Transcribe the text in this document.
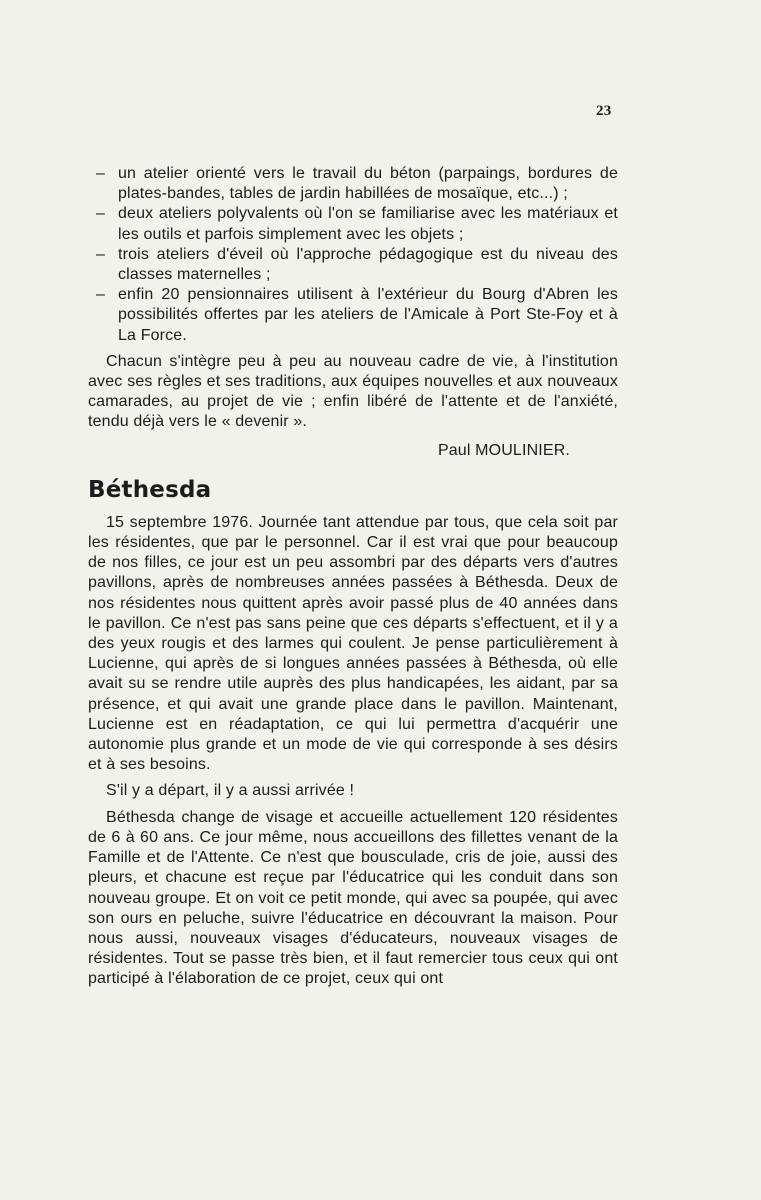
23
– un atelier orienté vers le travail du béton (parpaings, bordures de plates-bandes, tables de jardin habillées de mosaïque, etc...) ;
– deux ateliers polyvalents où l'on se familiarise avec les matériaux et les outils et parfois simplement avec les objets ;
– trois ateliers d'éveil où l'approche pédagogique est du niveau des classes maternelles ;
– enfin 20 pensionnaires utilisent à l'extérieur du Bourg d'Abren les possibilités offertes par les ateliers de l'Amicale à Port Ste-Foy et à La Force.

Chacun s'intègre peu à peu au nouveau cadre de vie, à l'institution avec ses règles et ses traditions, aux équipes nouvelles et aux nouveaux camarades, au projet de vie ; enfin libéré de l'attente et de l'anxiété, tendu déjà vers le « devenir ».

Paul MOULINIER.

Béthesda

15 septembre 1976. Journée tant attendue par tous, que cela soit par les résidentes, que par le personnel. Car il est vrai que pour beaucoup de nos filles, ce jour est un peu assombri par des départs vers d'autres pavillons, après de nombreuses années passées à Béthesda. Deux de nos résidentes nous quittent après avoir passé plus de 40 années dans le pavillon. Ce n'est pas sans peine que ces départs s'effectuent, et il y a des yeux rougis et des larmes qui coulent. Je pense particulièrement à Lucienne, qui après de si longues années passées à Béthesda, où elle avait su se rendre utile auprès des plus handicapées, les aidant, par sa présence, et qui avait une grande place dans le pavillon. Maintenant, Lucienne est en réadaptation, ce qui lui permettra d'acquérir une autonomie plus grande et un mode de vie qui corresponde à ses désirs et à ses besoins.

S'il y a départ, il y a aussi arrivée !

Béthesda change de visage et accueille actuellement 120 résidentes de 6 à 60 ans. Ce jour même, nous accueillons des fillettes venant de la Famille et de l'Attente. Ce n'est que bousculade, cris de joie, aussi des pleurs, et chacune est reçue par l'éducatrice qui les conduit dans son nouveau groupe. Et on voit ce petit monde, qui avec sa poupée, qui avec son ours en peluche, suivre l'éducatrice en découvrant la maison. Pour nous aussi, nouveaux visages d'éducateurs, nouveaux visages de résidentes. Tout se passe très bien, et il faut remercier tous ceux qui ont participé à l'élaboration de ce projet, ceux qui ont
